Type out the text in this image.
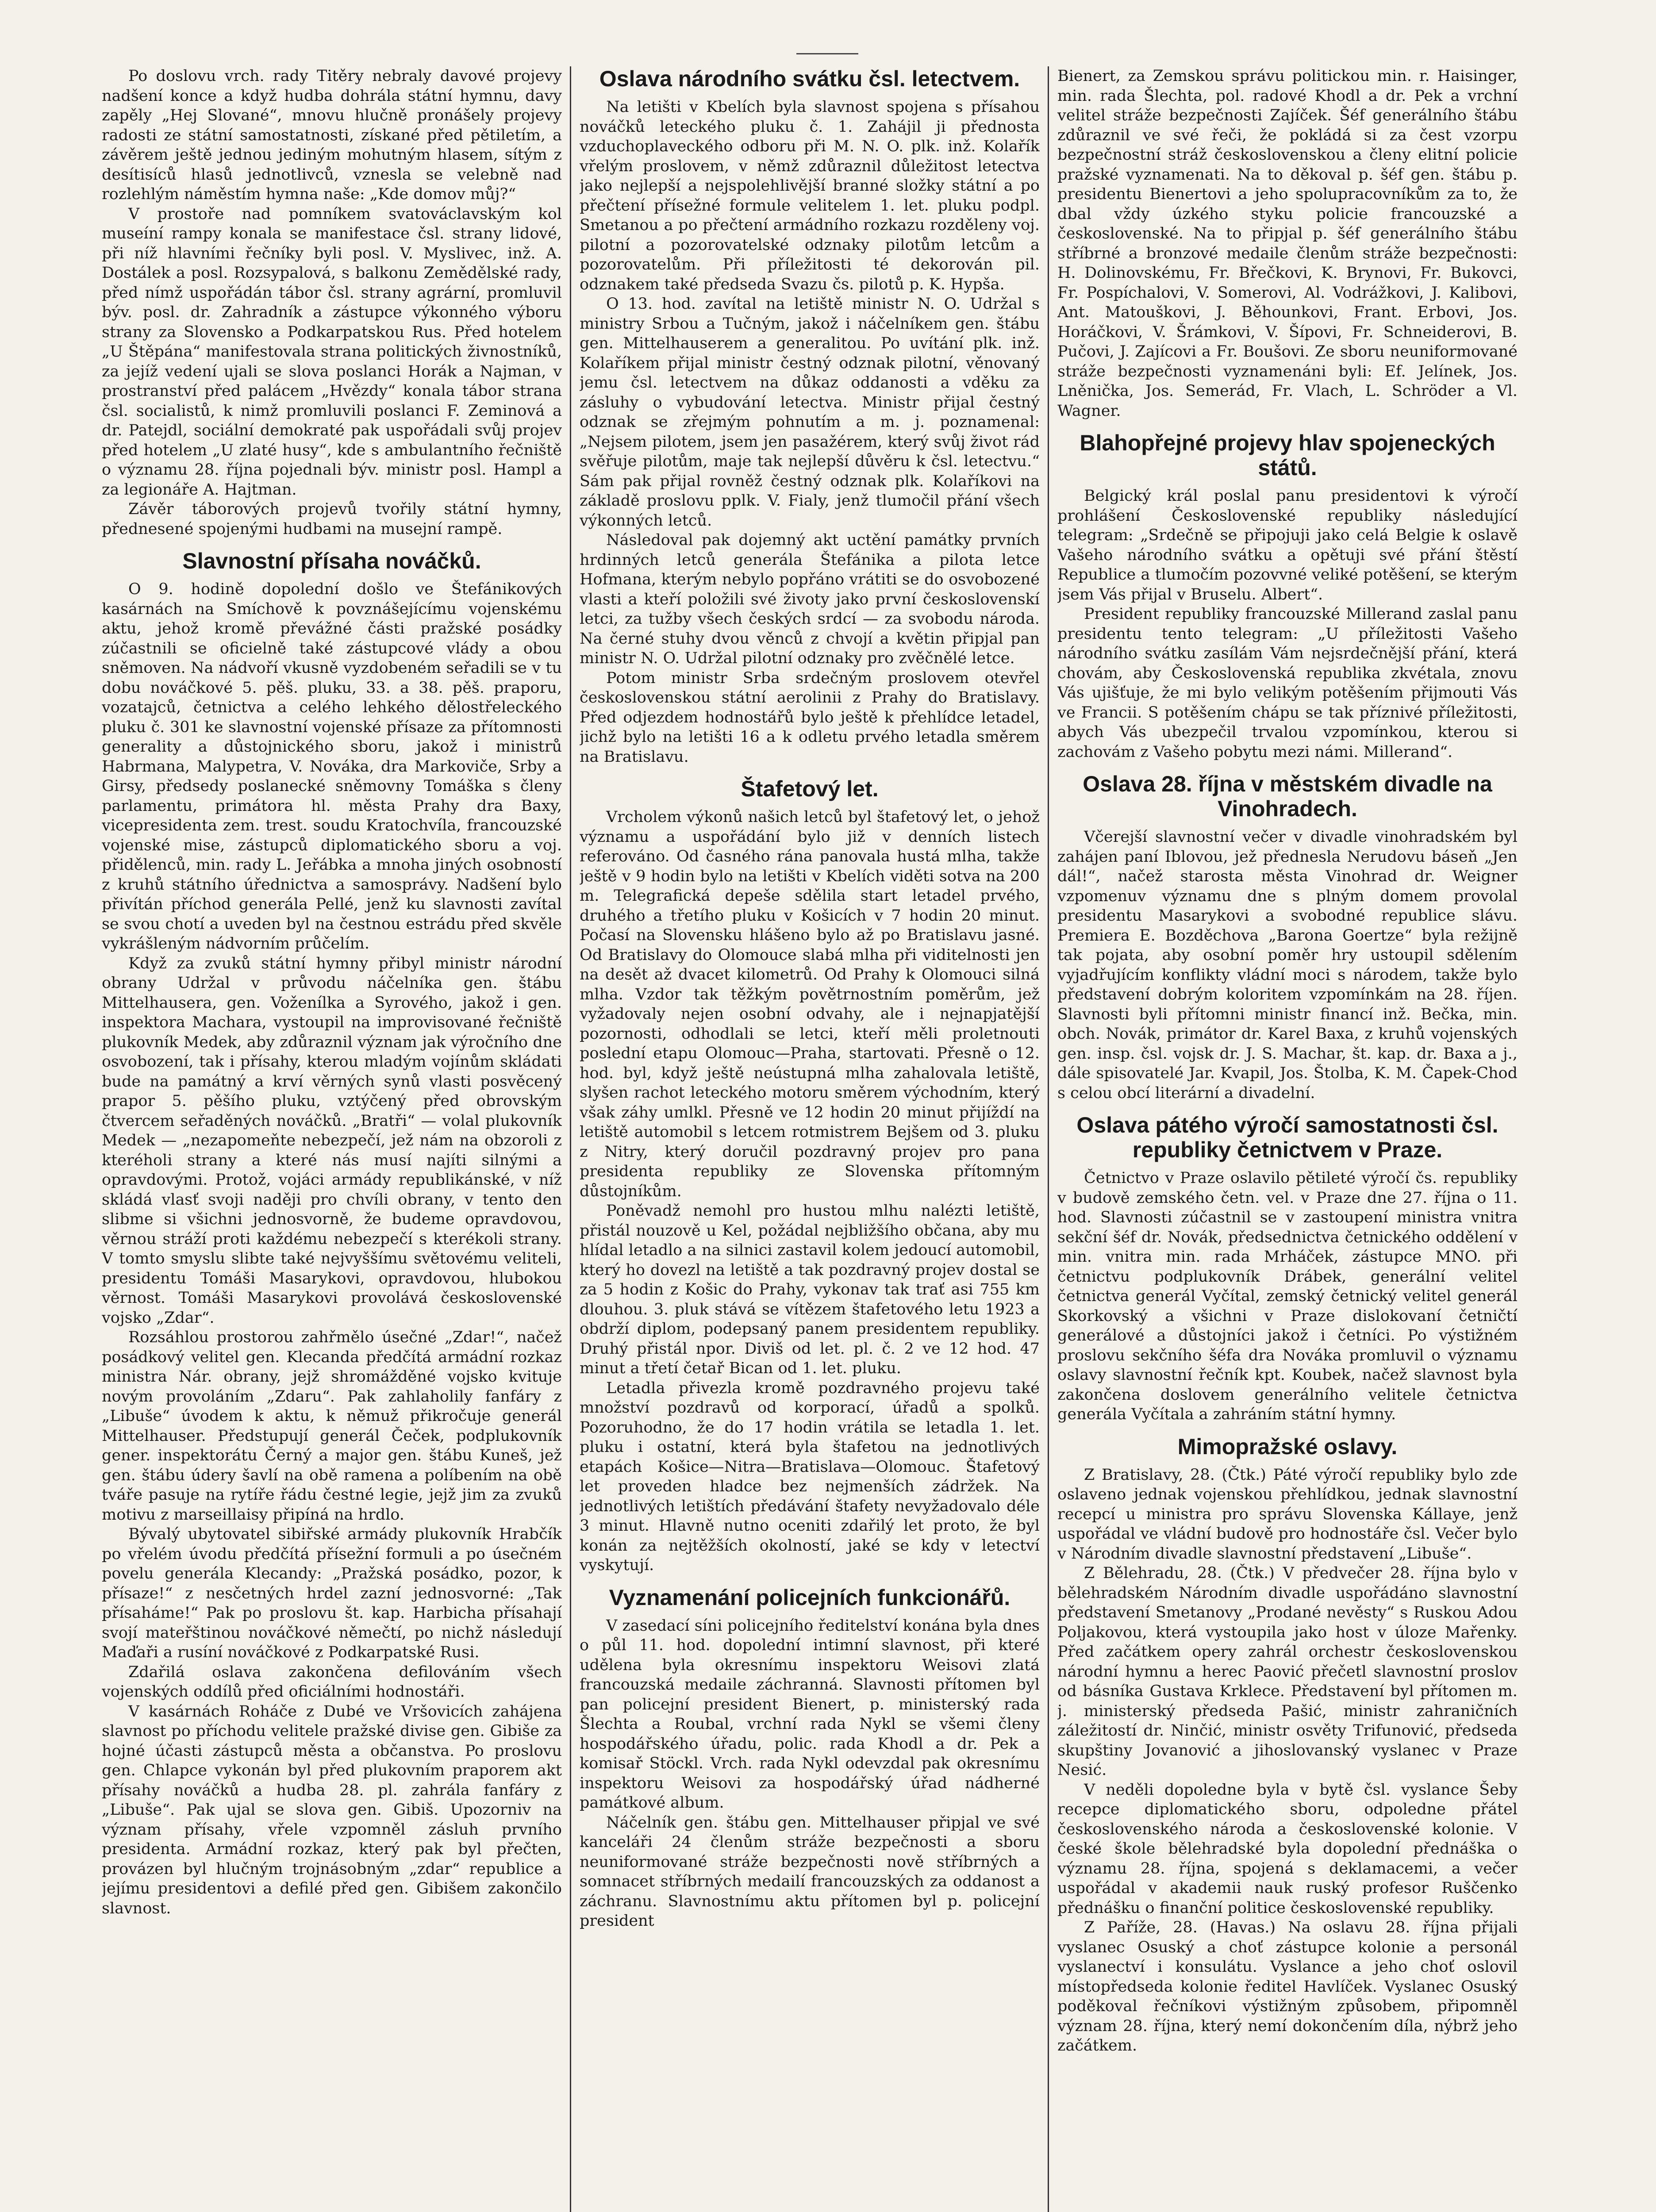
Po doslovu vrch. rady Titěry nebraly davové projevy nadšení konce a když hudba dohrála státní hymnu, davy zapěly „Hej Slované“, mnovu hlučně pronášely projevy radosti ze státní samostatnosti, získané před pětiletím, a závěrem ještě jednou jediným mohutným hlasem, sítým z desítisíců hlasů jednotlivců, vznesla se velebně nad rozlehlým náměstím hymna naše: „Kde domov můj?“

V prostoře nad pomníkem svatováclavským kol museíní rampy konala se manifestace čsl. strany lidové, při níž hlavními řečníky byli posl. V. Myslivec, inž. A. Dostálek a posl. Rozsypalová, s balkonu Zemědělské rady, před nímž uspořádán tábor čsl. strany agrární, promluvil býv. posl. dr. Zahradník a zástupce výkonného výboru strany za Slovensko a Podkarpatskou Rus. Před hotelem „U Štěpána“ manifestovala strana politických živnostníků, za jejíž vedení ujali se slova poslanci Horák a Najman, v prostranství před palácem „Hvězdy“ konala tábor strana čsl. socialistů, k nimž promluvili poslanci F. Zeminová a dr. Patejdl, sociální demokraté pak uspořádali svůj projev před hotelem „U zlaté husy“, kde s ambulantního řečniště o významu 28. října pojednali býv. ministr posl. Hampl a za legionáře A. Hajtman.

Závěr táborových projevů tvořily státní hymny, přednesené spojenými hudbami na musejní rampě.

Slavnostní přísaha nováčků.

O 9. hodině dopolední došlo ve Štefánikových kasárnách na Smíchově k povznášejícímu vojenskému aktu, jehož kromě převážné části pražské posádky zúčastnili se oficielně také zástupcové vlády a obou sněmoven. Na nádvoří vkusně vyzdobeném seřadili se v tu dobu nováčkové 5. pěš. pluku, 33. a 38. pěš. praporu, vozatajců, četnictva a celého lehkého dělostřeleckého pluku č. 301 ke slavnostní vojenské přísaze za přítomnosti generality a důstojnického sboru, jakož i ministrů Habrmana, Malypetra, V. Nováka, dra Markoviče, Srby a Girsy, předsedy poslanecké sněmovny Tomáška s členy parlamentu, primátora hl. města Prahy dra Baxy, vicepresidenta zem. trest. soudu Kratochvíla, francouzské vojenské mise, zástupců diplomatického sboru a voj. přidělenců, min. rady L. Jeřábka a mnoha jiných osobností z kruhů státního úřednictva a samosprávy. Nadšení bylo přivítán příchod generála Pellé, jenž ku slavnosti zavítal se svou chotí a uveden byl na čestnou estrádu před skvěle vykrášleným nádvorním průčelím.

Když za zvuků státní hymny přibyl ministr národní obrany Udržal v průvodu náčelníka gen. štábu Mittelhausera, gen. Voženílka a Syrového, jakož i gen. inspektora Machara, vystoupil na improvisované řečniště plukovník Medek, aby zdůraznil význam jak výročního dne osvobození, tak i přísahy, kterou mladým vojínům skládati bude na památný a krví věrných synů vlasti posvěcený prapor 5. pěšího pluku, vztýčený před obrovským čtvercem seřaděných nováčků. „Bratři“ — volal plukovník Medek — „nezapomeňte nebezpečí, jež nám na obzoroli z kteréholi strany a které nás musí najíti silnými a opravdovými. Protož, vojáci armády republikánské, v níž skládá vlasť svoji naději pro chvíli obrany, v tento den slibme si všichni jednosvorně, že budeme opravdovou, věrnou stráží proti každému nebezpečí s kterékoli strany. V tomto smyslu slibte také nejvyššímu světovému veliteli, presidentu Tomáši Masarykovi, opravdovou, hlubokou věrnost. Tomáši Masarykovi provolává československé vojsko „Zdar“.

Rozsáhlou prostorou zahřmělo úsečné „Zdar!“, načež posádkový velitel gen. Klecanda předčítá armádní rozkaz ministra Nár. obrany, jejž shromážděné vojsko kvituje novým provoláním „Zdaru“. Pak zahlaholily fanfáry z „Libuše“ úvodem k aktu, k němuž přikročuje generál Mittelhauser. Předstupují generál Čeček, podplukovník gener. inspektorátu Černý a major gen. štábu Kuneš, jež gen. štábu údery šavlí na obě ramena a políbením na obě tváře pasuje na rytíře řádu čestné legie, jejž jim za zvuků motivu z marseillaisy připíná na hrdlo.

Bývalý ubytovatel sibiřské armády plukovník Hrabčík po vřelém úvodu předčítá přísežní formuli a po úsečném povelu generála Klecandy: „Pražská posádko, pozor, k přísaze!“ z nesčetných hrdel zazní jednosvorné: „Tak přísaháme!“ Pak po proslovu št. kap. Harbicha přísahají svojí mateřštinou nováčkové němečtí, po nichž následují Maďaři a rusíní nováčkové z Podkarpatské Rusi.

Zdařilá oslava zakončena defilováním všech vojenských oddílů před oficiálními hodnostáři.

V kasárnách Roháče z Dubé ve Vršovicích zahájena slavnost po příchodu velitele pražské divise gen. Gibiše za hojné účasti zástupců města a občanstva. Po proslovu gen. Chlapce vykonán byl před plukovním praporem akt přísahy nováčků a hudba 28. pl. zahrála fanfáry z „Libuše“. Pak ujal se slova gen. Gibiš. Upozorniv na význam přísahy, vřele vzpomněl zásluh prvního presidenta. Armádní rozkaz, který pak byl přečten, provázen byl hlučným trojnásobným „zdar“ republice a jejímu presidentovi a defilé před gen. Gibišem zakončilo slavnost.

Oslava národního svátku čsl. letectvem.

Na letišti v Kbelích byla slavnost spojena s přísahou nováčků leteckého pluku č. 1. Zahájil ji přednosta vzduchoplaveckého odboru při M. N. O. plk. inž. Kolařík vřelým proslovem, v němž zdůraznil důležitost letectva jako nejlepší a nejspolehlivější branné složky státní a po přečtení přísežné formule velitelem 1. let. pluku podpl. Smetanou a po přečtení armádního rozkazu rozděleny voj. pilotní a pozorovatelské odznaky pilotům letcům a pozorovatelům. Při příležitosti té dekorován pil. odznakem také předseda Svazu čs. pilotů p. K. Hypša.

O 13. hod. zavítal na letiště ministr N. O. Udržal s ministry Srbou a Tučným, jakož i náčelníkem gen. štábu gen. Mittelhauserem a generalitou. Po uvítání plk. inž. Kolaříkem přijal ministr čestný odznak pilotní, věnovaný jemu čsl. letectvem na důkaz oddanosti a vděku za zásluhy o vybudování letectva. Ministr přijal čestný odznak se zřejmým pohnutím a m. j. poznamenal: „Nejsem pilotem, jsem jen pasažérem, který svůj život rád svěřuje pilotům, maje tak nejlepší důvěru k čsl. letectvu.“ Sám pak přijal rovněž čestný odznak plk. Kolaříkovi na základě proslovu pplk. V. Fialy, jenž tlumočil přání všech výkonných letců.

Následoval pak dojemný akt uctění památky prvních hrdinných letců generála Štefánika a pilota letce Hofmana, kterým nebylo popřáno vrátiti se do osvobozené vlasti a kteří položili své životy jako první československí letci, za tužby všech českých srdcí — za svobodu národa. Na černé stuhy dvou věnců z chvojí a květin připjal pan ministr N. O. Udržal pilotní odznaky pro zvěčnělé letce.

Potom ministr Srba srdečným proslovem otevřel československou státní aerolinii z Prahy do Bratislavy. Před odjezdem hodnostářů bylo ještě k přehlídce letadel, jichž bylo na letišti 16 a k odletu prvého letadla směrem na Bratislavu.

Štafetový let.

Vrcholem výkonů našich letců byl štafetový let, o jehož významu a uspořádání bylo již v denních listech referováno. Od časného rána panovala hustá mlha, takže ještě v 9 hodin bylo na letišti v Kbelích viděti sotva na 200 m. Telegrafická depeše sdělila start letadel prvého, druhého a třetího pluku v Košicích v 7 hodin 20 minut. Počasí na Slovensku hlášeno bylo až po Bratislavu jasné. Od Bratislavy do Olomouce slabá mlha při viditelnosti jen na desět až dvacet kilometrů. Od Prahy k Olomouci silná mlha. Vzdor tak těžkým povětrnostním poměrům, jež vyžadovaly nejen osobní odvahy, ale i nejnapjatější pozornosti, odhodlali se letci, kteří měli proletnouti poslední etapu Olomouc—Praha, startovati. Přesně o 12. hod. byl, když ještě neústupná mlha zahalovala letiště, slyšen rachot leteckého motoru směrem východním, který však záhy umlkl. Přesně ve 12 hodin 20 minut přijíždí na letiště automobil s letcem rotmistrem Bejšem od 3. pluku z Nitry, který doručil pozdravný projev pro pana presidenta republiky ze Slovenska přítomným důstojníkům.

Poněvadž nemohl pro hustou mlhu nalézti letiště, přistál nouzově u Kel, požádal nejbližšího občana, aby mu hlídal letadlo a na silnici zastavil kolem jedoucí automobil, který ho dovezl na letiště a tak pozdravný projev dostal se za 5 hodin z Košic do Prahy, vykonav tak trať asi 755 km dlouhou. 3. pluk stává se vítězem štafetového letu 1923 a obdrží diplom, podepsaný panem presidentem republiky. Druhý přistál npor. Diviš od let. pl. č. 2 ve 12 hod. 47 minut a třetí četař Bican od 1. let. pluku.

Letadla přivezla kromě pozdravného projevu také množství pozdravů od korporací, úřadů a spolků. Pozoruhodno, že do 17 hodin vrátila se letadla 1. let. pluku i ostatní, která byla štafetou na jednotlivých etapách Košice—Nitra—Bratislava—Olomouc. Štafetový let proveden hladce bez nejmenších zádržek. Na jednotlivých letištích předávání štafety nevyžadovalo déle 3 minut. Hlavně nutno oceniti zdařilý let proto, že byl konán za nejtěžších okolností, jaké se kdy v letectví vyskytují.

Vyznamenání policejních funkcionářů.

V zasedací síni policejního ředitelství konána byla dnes o půl 11. hod. dopolední intimní slavnost, při které udělena byla okresnímu inspektoru Weisovi zlatá francouzská medaile záchranná. Slavnosti přítomen byl pan policejní president Bienert, p. ministerský rada Šlechta a Roubal, vrchní rada Nykl se všemi členy hospodářského úřadu, polic. rada Khodl a dr. Pek a komisař Stöckl. Vrch. rada Nykl odevzdal pak okresnímu inspektoru Weisovi za hospodářský úřad nádherné památkové album.

Náčelník gen. štábu gen. Mittelhauser připjal ve své kanceláři 24 členům stráže bezpečnosti a sboru neuniformované stráže bezpečnosti nově stříbrných a somnacet stříbrných medailí francouzských za oddanost a záchranu. Slavnostnímu aktu přítomen byl p. policejní president

Bienert, za Zemskou správu politickou min. r. Haisinger, min. rada Šlechta, pol. radové Khodl a dr. Pek a vrchní velitel stráže bezpečnosti Zajíček. Šéf generálního štábu zdůraznil ve své řeči, že pokládá si za čest vzorpu bezpečnostní stráž československou a členy elitní policie pražské vyznamenati. Na to děkoval p. šéf gen. štábu p. presidentu Bienertovi a jeho spolupracovníkům za to, že dbal vždy úzkého styku policie francouzské a československé. Na to připjal p. šéf generálního štábu stříbrné a bronzové medaile členům stráže bezpečnosti: H. Dolinovskému, Fr. Břečkovi, K. Brynovi, Fr. Bukovci, Fr. Pospíchalovi, V. Somerovi, Al. Vodrážkovi, J. Kalibovi, Ant. Matouškovi, J. Běhounkovi, Frant. Erbovi, Jos. Horáčkovi, V. Šrámkovi, V. Šípovi, Fr. Schneiderovi, B. Pučovi, J. Zajícovi a Fr. Boušovi. Ze sboru neuniformované stráže bezpečnosti vyznamenáni byli: Ef. Jelínek, Jos. Lněnička, Jos. Semerád, Fr. Vlach, L. Schröder a Vl. Wagner.

Blahopřejné projevy hlav spojeneckých států.

Belgický král poslal panu presidentovi k výročí prohlášení Československé republiky následující telegram: „Srdečně se připojuji jako celá Belgie k oslavě Vašeho národního svátku a opětuji své přání štěstí Republice a tlumočím pozovvné veliké potěšení, se kterým jsem Vás přijal v Bruselu. Albert“.

President republiky francouzské Millerand zaslal panu presidentu tento telegram: „U příležitosti Vašeho národního svátku zasílám Vám nejsrdečnější přání, která chovám, aby Československá republika zkvétala, znovu Vás ujišťuje, že mi bylo velikým potěšením přijmouti Vás ve Francii. S potěšením chápu se tak příznivé příležitosti, abych Vás ubezpečil trvalou vzpomínkou, kterou si zachovám z Vašeho pobytu mezi námi. Millerand“.

Oslava 28. října v městském divadle na Vinohradech.

Včerejší slavnostní večer v divadle vinohradském byl zahájen paní Iblovou, jež přednesla Nerudovu báseň „Jen dál!“, načež starosta města Vinohrad dr. Weigner vzpomenuv významu dne s plným domem provolal presidentu Masarykovi a svobodné republice slávu. Premiera E. Bozděchova „Barona Goertze“ byla režijně tak pojata, aby osobní poměr hry ustoupil sdělením vyjadřujícím konflikty vládní moci s národem, takže bylo představení dobrým koloritem vzpomínkám na 28. říjen. Slavnosti byli přítomni ministr financí inž. Bečka, min. obch. Novák, primátor dr. Karel Baxa, z kruhů vojenských gen. insp. čsl. vojsk dr. J. S. Machar, št. kap. dr. Baxa a j., dále spisovatelé Jar. Kvapil, Jos. Štolba, K. M. Čapek-Chod s celou obcí literární a divadelní.

Oslava pátého výročí samostatnosti čsl. republiky četnictvem v Praze.

Četnictvo v Praze oslavilo pětileté výročí čs. republiky v budově zemského četn. vel. v Praze dne 27. října o 11. hod. Slavnosti zúčastnil se v zastoupení ministra vnitra sekční šéf dr. Novák, předsednictva četnického oddělení v min. vnitra min. rada Mrháček, zástupce MNO. při četnictvu podplukovník Drábek, generální velitel četnictva generál Vyčítal, zemský četnický velitel generál Skorkovský a všichni v Praze dislokovaní četničtí generálové a důstojníci jakož i četníci. Po výstižném proslovu sekčního šéfa dra Nováka promluvil o významu oslavy slavnostní řečník kpt. Koubek, načež slavnost byla zakončena doslovem generálního velitele četnictva generála Vyčítala a zahráním státní hymny.

Mimopražské oslavy.

Z Bratislavy, 28. (Čtk.) Páté výročí republiky bylo zde oslaveno jednak vojenskou přehlídkou, jednak slavnostní recepcí u ministra pro správu Slovenska Kállaye, jenž uspořádal ve vládní budově pro hodnostáře čsl. Večer bylo v Národním divadle slavnostní představení „Libuše“.

Z Bělehradu, 28. (Čtk.) V předvečer 28. října bylo v bělehradském Národním divadle uspořádáno slavnostní představení Smetanovy „Prodané nevěsty“ s Ruskou Adou Poljakovou, která vystoupila jako host v úloze Mařenky. Před začátkem opery zahrál orchestr československou národní hymnu a herec Paović přečetl slavnostní proslov od básníka Gustava Krklece. Představení byl přítomen m. j. ministerský předseda Pašić, ministr zahraničních záležitostí dr. Ninčić, ministr osvěty Trifunović, předseda skupštiny Jovanović a jihoslovanský vyslanec v Praze Nesić.

V neděli dopoledne byla v bytě čsl. vyslance Šeby recepce diplomatického sboru, odpoledne přátel československého národa a československé kolonie. V české škole bělehradské byla dopolední přednáška o významu 28. října, spojená s deklamacemi, a večer uspořádal v akademii nauk ruský profesor Ruščenko přednášku o finanční politice československé republiky.

Z Paříže, 28. (Havas.) Na oslavu 28. října přijali vyslanec Osuský a choť zástupce kolonie a personál vyslanectví i konsulátu. Vyslance a jeho choť oslovil místopředseda kolonie ředitel Havlíček. Vyslanec Osuský poděkoval řečníkovi výstižným způsobem, připomněl význam 28. října, který nemí dokončením díla, nýbrž jeho začátkem.
